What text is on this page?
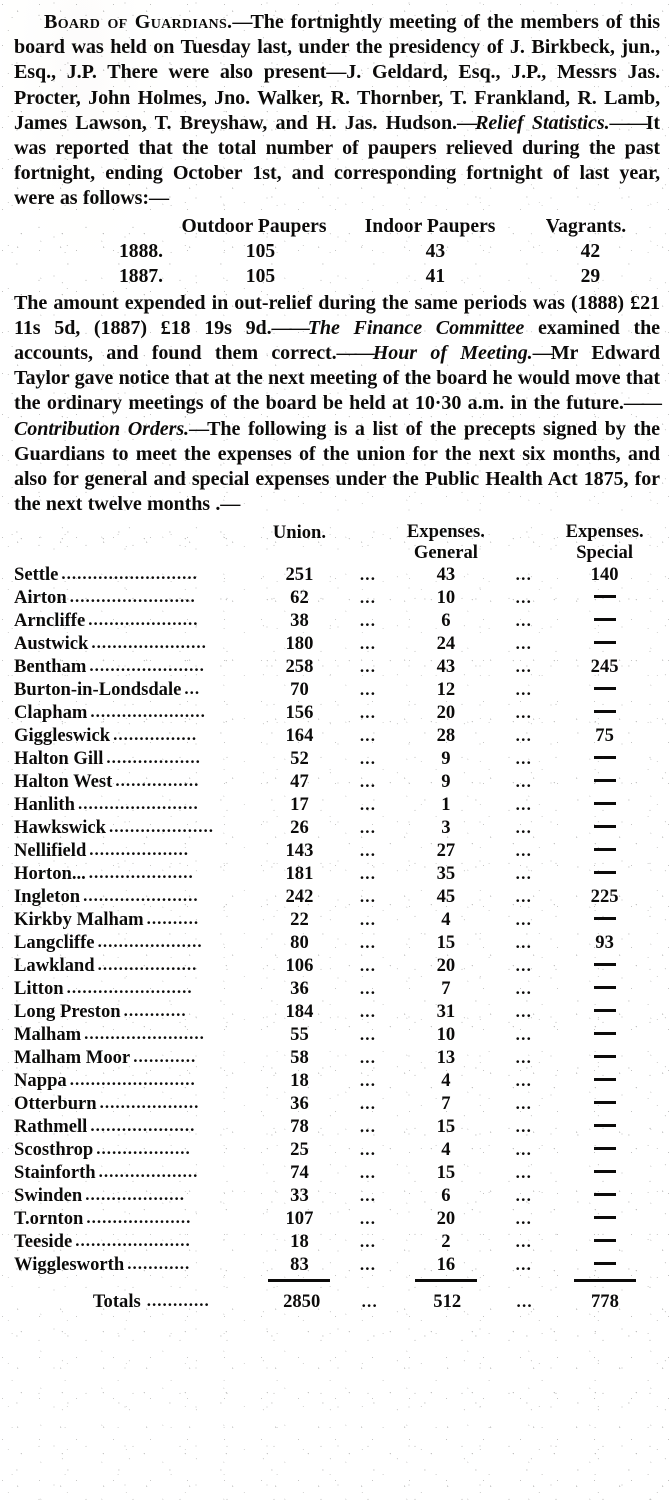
Board of Guardians.—The fortnightly meeting of the members of this board was held on Tuesday last, under the presidency of J. Birkbeck, jun., Esq., J.P. There were also present—J. Geldard, Esq., J.P., Messrs Jas. Procter, John Holmes, Jno. Walker, R. Thornber, T. Frankland, R. Lamb, James Lawson, T. Breyshaw, and H. Jas. Hudson.—Relief Statistics.——It was reported that the total number of paupers relieved during the past fortnight, ending October 1st, and corresponding fortnight of last year, were as follows:—

Outdoor Paupers	Indoor Paupers	Vagrants.
1888.	105	43	42
1887.	105	41	29

The amount expended in out-relief during the same periods was (1888) £21 11s 5d, (1887) £18 19s 9d.——The Finance Committee examined the accounts, and found them correct.——Hour of Meeting.—Mr Edward Taylor gave notice that at the next meeting of the board he would move that the ordinary meetings of the board be held at 10·30 a.m. in the future.——Contribution Orders.—The following is a list of the precepts signed by the Guardians to meet the expenses of the union for the next six months, and also for general and special expenses under the Public Health Act 1875, for the next twelve months .—

Union.	Expenses.
General
Expenses.
Special
Settle ..........................	251	...	43	...	140
Airton ........................	62	...	10	...
Arncliffe .....................	38	...	6	...
Austwick ......................	180	...	24	...
Bentham ......................	258	...	43	...	245
Burton-in-Londsdale ...	70	...	12	...
Clapham ......................	156	...	20	...
Giggleswick ................	164	...	28	...	75
Halton Gill ..................	52	...	9	...
Halton West ................	47	...	9	...
Hanlith .......................	17	...	1	...
Hawkswick ....................	26	...	3	...
Nellifield ...................	143	...	27	...
Horton... ....................	181	...	35	...
Ingleton ......................	242	...	45	...	225
Kirkby Malham ..........	22	...	4	...
Langcliffe ....................	80	...	15	...	93
Lawkland ...................	106	...	20	...
Litton ........................	36	...	7	...
Long Preston ............	184	...	31	...
Malham .......................	55	...	10	...
Malham Moor ............	58	...	13	...
Nappa ........................	18	...	4	...
Otterburn ...................	36	...	7	...
Rathmell ....................	78	...	15	...
Scosthrop ..................	25	...	4	...
Stainforth ...................	74	...	15	...
Swinden ...................	33	...	6	...
T.ornton ....................	107	...	20	...
Teeside ......................	18	...	2	...
Wigglesworth ............	83	...	16	...
Totals ............	2850	...	512	...	778
